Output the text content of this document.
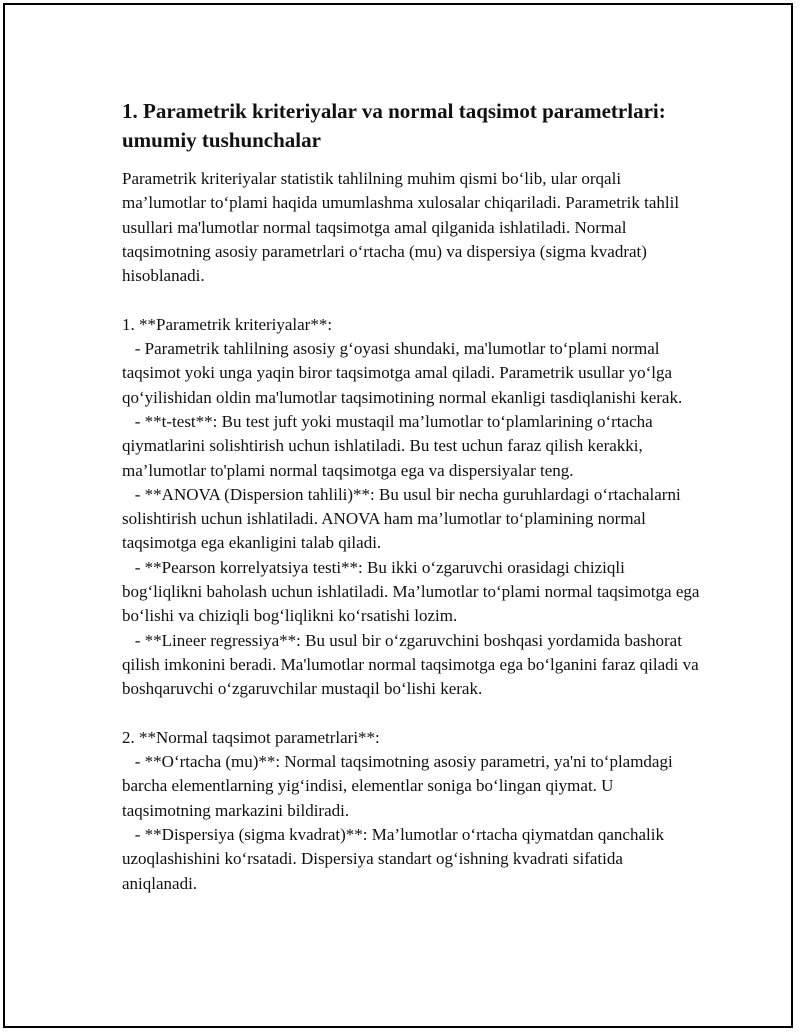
1. Parametrik kriteriyalar va normal taqsimot parametrlari: umumiy tushunchalar

Parametrik kriteriyalar statistik tahlilning muhim qismi bo‘lib, ular orqali ma’lumotlar to‘plami haqida umumlashma xulosalar chiqariladi. Parametrik tahlil usullari ma'lumotlar normal taqsimotga amal qilganida ishlatiladi. Normal taqsimotning asosiy parametrlari o‘rtacha (mu) va dispersiya (sigma kvadrat) hisoblanadi.

1. **Parametrik kriteriyalar**:

- Parametrik tahlilning asosiy g‘oyasi shundaki, ma'lumotlar to‘plami normal taqsimot yoki unga yaqin biror taqsimotga amal qiladi. Parametrik usullar yo‘lga qo‘yilishidan oldin ma'lumotlar taqsimotining normal ekanligi tasdiqlanishi kerak.

- **t-test**: Bu test juft yoki mustaqil ma’lumotlar to‘plamlarining o‘rtacha qiymatlarini solishtirish uchun ishlatiladi. Bu test uchun faraz qilish kerakki, ma’lumotlar to'plami normal taqsimotga ega va dispersiyalar teng.

- **ANOVA (Dispersion tahlili)**: Bu usul bir necha guruhlardagi o‘rtachalarni solishtirish uchun ishlatiladi. ANOVA ham ma’lumotlar to‘plamining normal taqsimotga ega ekanligini talab qiladi.

- **Pearson korrelyatsiya testi**: Bu ikki o‘zgaruvchi orasidagi chiziqli bog‘liqlikni baholash uchun ishlatiladi. Ma’lumotlar to‘plami normal taqsimotga ega bo‘lishi va chiziqli bog‘liqlikni ko‘rsatishi lozim.

- **Lineer regressiya**: Bu usul bir o‘zgaruvchini boshqasi yordamida bashorat qilish imkonini beradi. Ma'lumotlar normal taqsimotga ega bo‘lganini faraz qiladi va boshqaruvchi o‘zgaruvchilar mustaqil bo‘lishi kerak.

2. **Normal taqsimot parametrlari**:

- **O‘rtacha (mu)**: Normal taqsimotning asosiy parametri, ya'ni to‘plamdagi barcha elementlarning yig‘indisi, elementlar soniga bo‘lingan qiymat. U taqsimotning markazini bildiradi.

- **Dispersiya (sigma kvadrat)**: Ma’lumotlar o‘rtacha qiymatdan qanchalik uzoqlashishini ko‘rsatadi. Dispersiya standart og‘ishning kvadrati sifatida aniqlanadi.
